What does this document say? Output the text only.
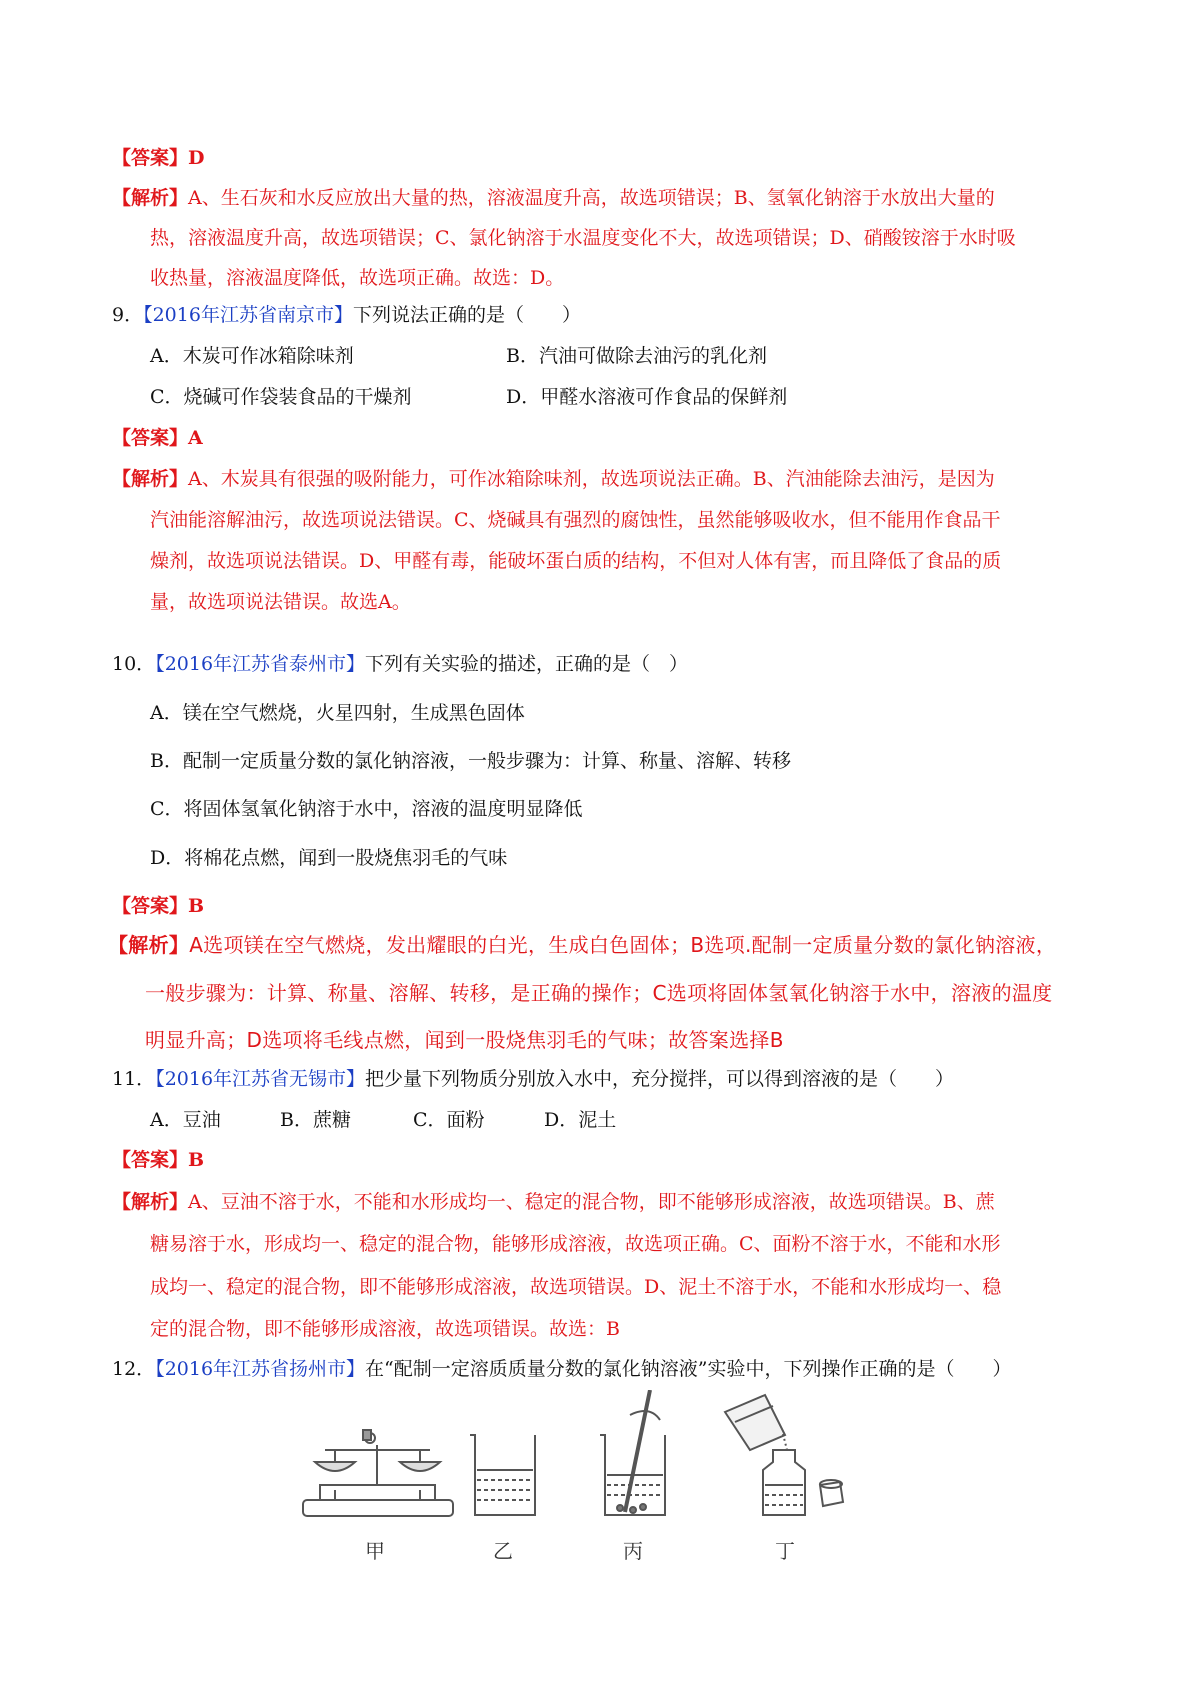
【答案】D
【解析】A、生石灰和水反应放出大量的热，溶液温度升高，故选项错误；B、氢氧化钠溶于水放出大量的
热，溶液温度升高，故选项错误；C、氯化钠溶于水温度变化不大，故选项错误；D、硝酸铵溶于水时吸
收热量，溶液温度降低，故选项正确。故选：D。
9．【2016年江苏省南京市】下列说法正确的是（　　）
A．木炭可作冰箱除味剂	B．汽油可做除去油污的乳化剂
C．烧碱可作袋装食品的干燥剂	D．甲醛水溶液可作食品的保鲜剂
【答案】A
【解析】A、木炭具有很强的吸附能力，可作冰箱除味剂，故选项说法正确。B、汽油能除去油污，是因为
汽油能溶解油污，故选项说法错误。C、烧碱具有强烈的腐蚀性，虽然能够吸收水，但不能用作食品干
燥剂，故选项说法错误。D、甲醛有毒，能破坏蛋白质的结构，不但对人体有害，而且降低了食品的质
量，故选项说法错误。故选A。
10．【2016年江苏省泰州市】下列有关实验的描述，正确的是（　）
A．镁在空气燃烧，火星四射，生成黑色固体
B．配制一定质量分数的氯化钠溶液，一般步骤为：计算、称量、溶解、转移
C．将固体氢氧化钠溶于水中，溶液的温度明显降低
D．将棉花点燃，闻到一股烧焦羽毛的气味
【答案】B
【解析】A选项镁在空气燃烧，发出耀眼的白光，生成白色固体；B选项.配制一定质量分数的氯化钠溶液，
一般步骤为：计算、称量、溶解、转移，是正确的操作；C选项将固体氢氧化钠溶于水中，溶液的温度
明显升高；D选项将毛线点燃，闻到一股烧焦羽毛的气味；故答案选择B
11．【2016年江苏省无锡市】把少量下列物质分别放入水中，充分搅拌，可以得到溶液的是（　　）
A．豆油	B．蔗糖	C．面粉	D．泥土
【答案】B
【解析】A、豆油不溶于水，不能和水形成均一、稳定的混合物，即不能够形成溶液，故选项错误。B、蔗
糖易溶于水，形成均一、稳定的混合物，能够形成溶液，故选项正确。C、面粉不溶于水，不能和水形
成均一、稳定的混合物，即不能够形成溶液，故选项错误。D、泥土不溶于水，不能和水形成均一、稳
定的混合物，即不能够形成溶液，故选项错误。故选：B
12．【2016年江苏省扬州市】在“配制一定溶质质量分数的氯化钠溶液”实验中，下列操作正确的是（　　）
甲	乙	丙	丁
